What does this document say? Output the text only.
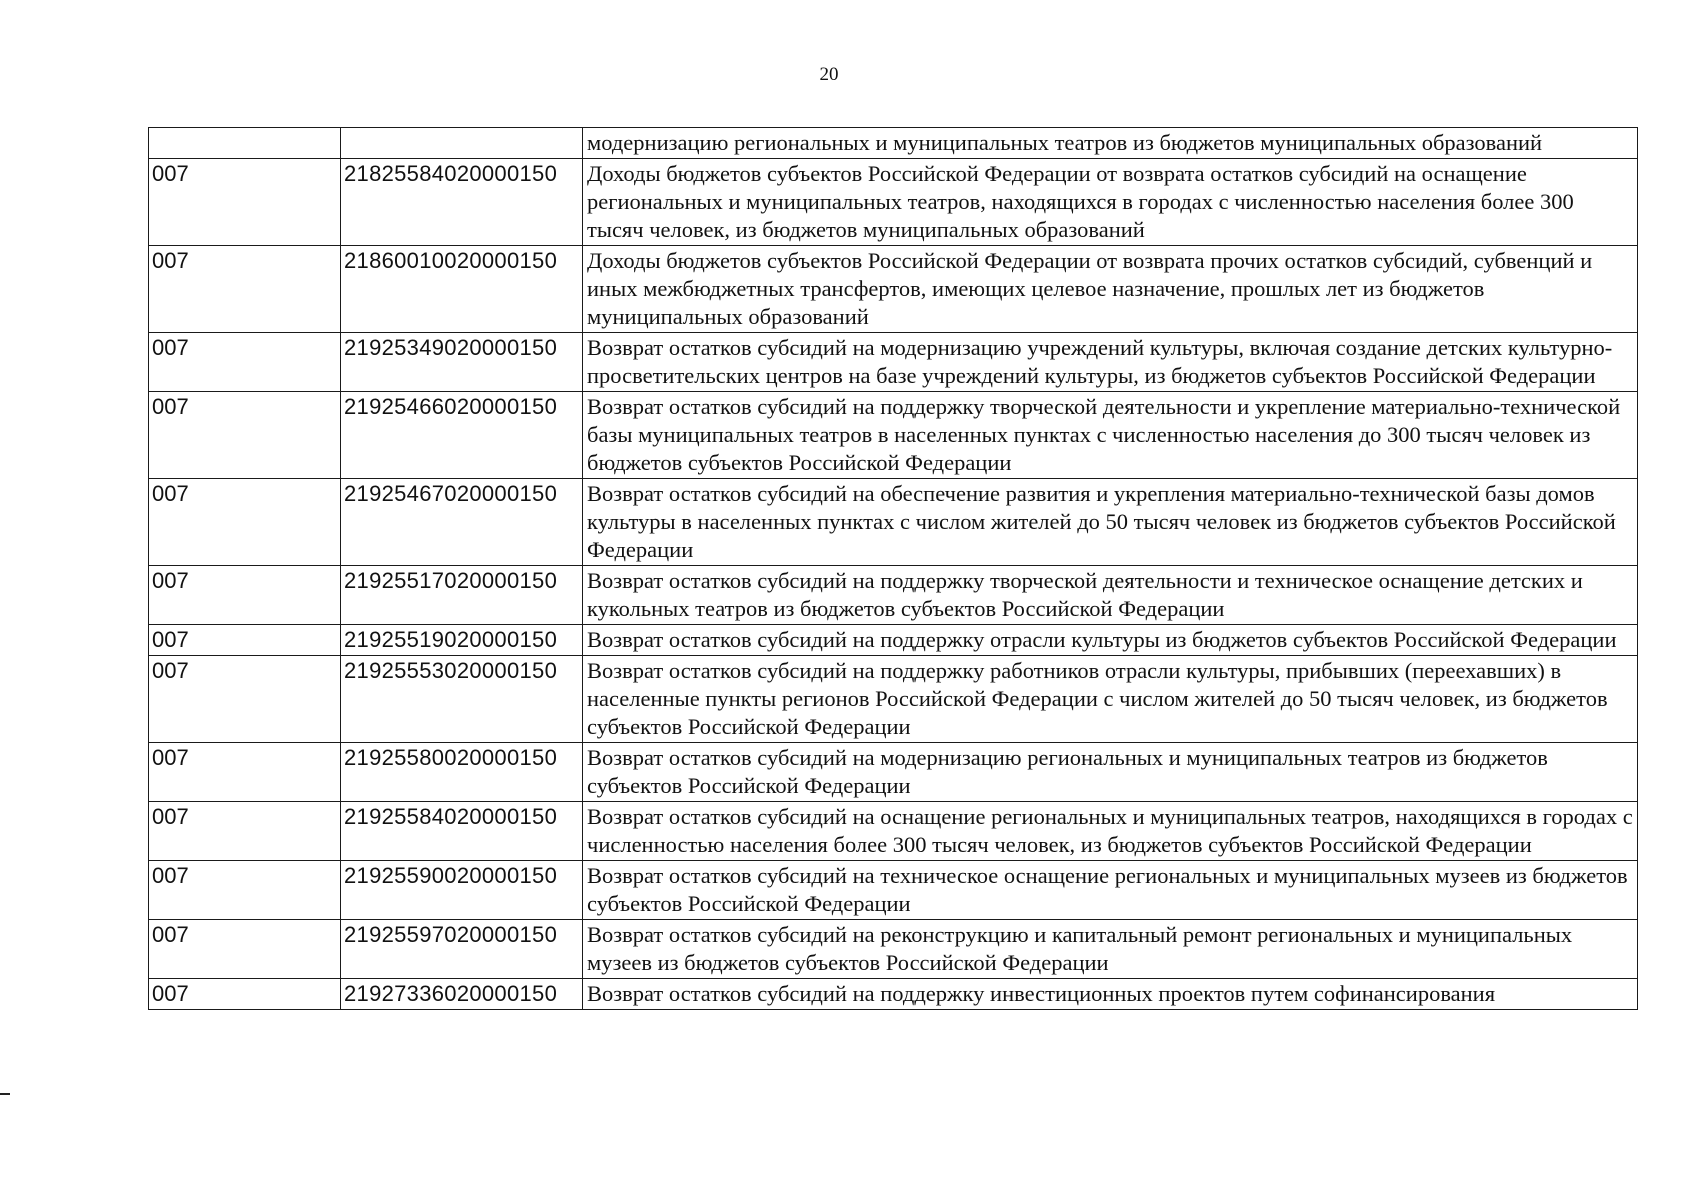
20
		модернизацию региональных и муниципальных театров из бюджетов муниципальных образований
007	21825584020000150	Доходы бюджетов субъектов Российской Федерации от возврата остатков субсидий на оснащение региональных и муниципальных театров, находящихся в городах с численностью населения более 300 тысяч человек, из бюджетов муниципальных образований
007	21860010020000150	Доходы бюджетов субъектов Российской Федерации от возврата прочих остатков субсидий, субвенций и иных межбюджетных трансфертов, имеющих целевое назначение, прошлых лет из бюджетов муниципальных образований
007	21925349020000150	Возврат остатков субсидий на модернизацию учреждений культуры, включая создание детских культурно-просветительских центров на базе учреждений культуры, из бюджетов субъектов Российской Федерации
007	21925466020000150	Возврат остатков субсидий на поддержку творческой деятельности и укрепление материально-технической базы муниципальных театров в населенных пунктах с численностью населения до 300 тысяч человек из бюджетов субъектов Российской Федерации
007	21925467020000150	Возврат остатков субсидий на обеспечение развития и укрепления материально-технической базы домов культуры в населенных пунктах с числом жителей до 50 тысяч человек из бюджетов субъектов Российской Федерации
007	21925517020000150	Возврат остатков субсидий на поддержку творческой деятельности и техническое оснащение детских и кукольных театров из бюджетов субъектов Российской Федерации
007	21925519020000150	Возврат остатков субсидий на поддержку отрасли культуры из бюджетов субъектов Российской Федерации
007	21925553020000150	Возврат остатков субсидий на поддержку работников отрасли культуры, прибывших (переехавших) в населенные пункты регионов Российской Федерации с числом жителей до 50 тысяч человек, из бюджетов субъектов Российской Федерации
007	21925580020000150	Возврат остатков субсидий на модернизацию региональных и муниципальных театров из бюджетов субъектов Российской Федерации
007	21925584020000150	Возврат остатков субсидий на оснащение региональных и муниципальных театров, находящихся в городах с численностью населения более 300 тысяч человек, из бюджетов субъектов Российской Федерации
007	21925590020000150	Возврат остатков субсидий на техническое оснащение региональных и муниципальных музеев из бюджетов субъектов Российской Федерации
007	21925597020000150	Возврат остатков субсидий на реконструкцию и капитальный ремонт региональных и муниципальных музеев из бюджетов субъектов Российской Федерации
007	21927336020000150	Возврат остатков субсидий на поддержку инвестиционных проектов путем софинансирования
